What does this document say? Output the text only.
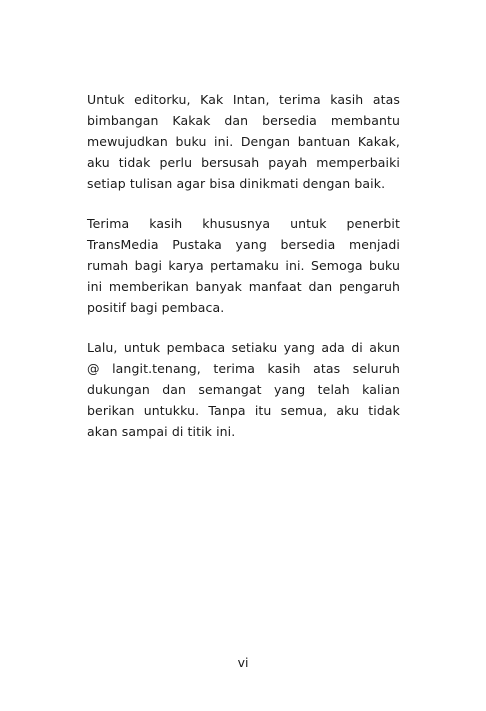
Untuk editorku, Kak Intan, terima kasih atas bimbangan Kakak dan bersedia membantu mewujudkan buku ini. Dengan bantuan Kakak, aku tidak perlu bersusah payah memperbaiki setiap tulisan agar bisa dinikmati dengan baik.

Terima kasih khususnya untuk penerbit TransMedia Pustaka yang bersedia menjadi rumah bagi karya pertamaku ini. Semoga buku ini memberikan banyak manfaat dan pengaruh positif bagi pembaca.

Lalu, untuk pembaca setiaku yang ada di akun @ langit.tenang, terima kasih atas seluruh dukungan dan semangat yang telah kalian berikan untukku. Tanpa itu semua, aku tidak akan sampai di titik ini.

vi
